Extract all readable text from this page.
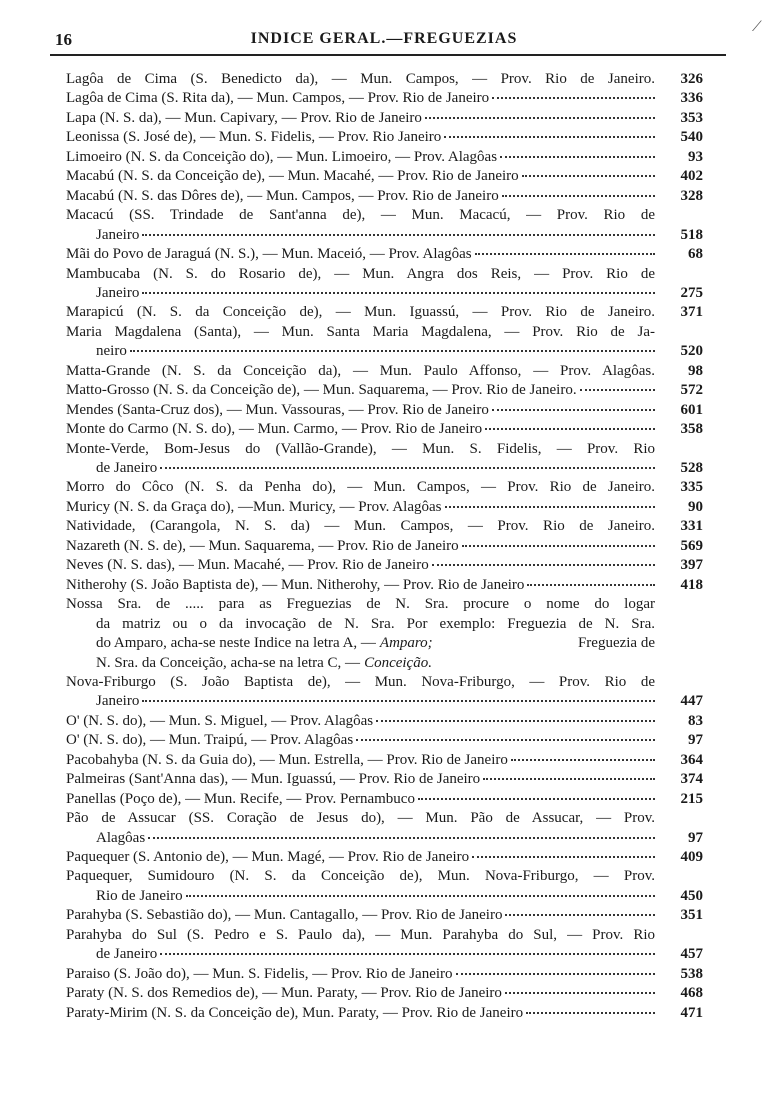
16	INDICE GERAL.—FREGUEZIAS
Lagôa de Cima (S. Benedicto da), — Mun. Campos, — Prov. Rio de Janeiro. 326
Lagôa de Cima (S. Rita da), — Mun. Campos, — Prov. Rio de Janeiro	336
Lapa (N. S. da), — Mun. Capivary, — Prov. Rio de Janeiro	353
Leonissa (S. José de), — Mun. S. Fidelis, — Prov. Rio Janeiro	540
Limoeiro (N. S. da Conceição do), — Mun. Limoeiro, — Prov. Alagôas	93
Macabú (N. S. da Conceição de), — Mun. Macahé, — Prov. Rio de Janeiro	402
Macabú (N. S. das Dôres de), — Mun. Campos, — Prov. Rio de Janeiro	328
Macacú (SS. Trindade de Sant'anna de), — Mun. Macacú, — Prov. Rio de
Janeiro	518
Mãi do Povo de Jaraguá (N. S.), — Mun. Maceió, — Prov. Alagôas	68
Mambucaba (N. S. do Rosario de), — Mun. Angra dos Reis, — Prov. Rio de
Janeiro	275
Marapicú (N. S. da Conceição de), — Mun. Iguassú, — Prov. Rio de Janeiro. 371
Maria Magdalena (Santa), — Mun. Santa Maria Magdalena, — Prov. Rio de Ja-
neiro	520
Matta-Grande (N. S. da Conceição da), — Mun. Paulo Affonso, — Prov. Alagôas. 98
Matto-Grosso (N. S. da Conceição de), — Mun. Saquarema, — Prov. Rio de Janeiro.	572
Mendes (Santa-Cruz dos), — Mun. Vassouras, — Prov. Rio de Janeiro	601
Monte do Carmo (N. S. do), — Mun. Carmo, — Prov. Rio de Janeiro	358
Monte-Verde, Bom-Jesus do (Vallão-Grande), — Mun. S. Fidelis, — Prov. Rio
de Janeiro	528
Morro do Côco (N. S. da Penha do), — Mun. Campos, — Prov. Rio de Janeiro. 335
Muricy (N. S. da Graça do), —Mun. Muricy, — Prov. Alagôas	90
Natividade, (Carangola, N. S. da) — Mun. Campos, — Prov. Rio de Janeiro. 331
Nazareth (N. S. de), — Mun. Saquarema, — Prov. Rio de Janeiro	569
Neves (N. S. das), — Mun. Macahé, — Prov. Rio de Janeiro	397
Nitherohy (S. João Baptista de), — Mun. Nitherohy, — Prov. Rio de Janeiro	418
Nossa Sra. de ..... para as Freguezias de N. Sra. procure o nome do logar
da matriz ou o da invocação de N. Sra. Por exemplo: Freguezia de N. Sra.
do Amparo, acha-se neste Indice na letra A, — Amparo;	Freguezia de
N. Sra. da Conceição, acha-se na letra C, — Conceição.
Nova-Friburgo (S. João Baptista de), — Mun. Nova-Friburgo, — Prov. Rio de
Janeiro	447
O' (N. S. do), — Mun. S. Miguel, — Prov. Alagôas	83
O' (N. S. do), — Mun. Traipú, — Prov. Alagôas	97
Pacobahyba (N. S. da Guia do), — Mun. Estrella, — Prov. Rio de Janeiro	364
Palmeiras (Sant'Anna das), — Mun. Iguassú, — Prov. Rio de Janeiro	374
Panellas (Poço de), — Mun. Recife, — Prov. Pernambuco	215
Pão de Assucar (SS. Coração de Jesus do), — Mun. Pão de Assucar, — Prov.
Alagôas	97
Paquequer (S. Antonio de), — Mun. Magé, — Prov. Rio de Janeiro	409
Paquequer, Sumidouro (N. S. da Conceição de), Mun. Nova-Friburgo, — Prov.
Rio de Janeiro	450
Parahyba (S. Sebastião do), — Mun. Cantagallo, — Prov. Rio de Janeiro	351
Parahyba do Sul (S. Pedro e S. Paulo da), — Mun. Parahyba do Sul, — Prov. Rio
de Janeiro	457
Paraiso (S. João do), — Mun. S. Fidelis, — Prov. Rio de Janeiro	538
Paraty (N. S. dos Remedios de), — Mun. Paraty, — Prov. Rio de Janeiro	468
Paraty-Mirim (N. S. da Conceição de), Mun. Paraty, — Prov. Rio de Janeiro	471
⟋
